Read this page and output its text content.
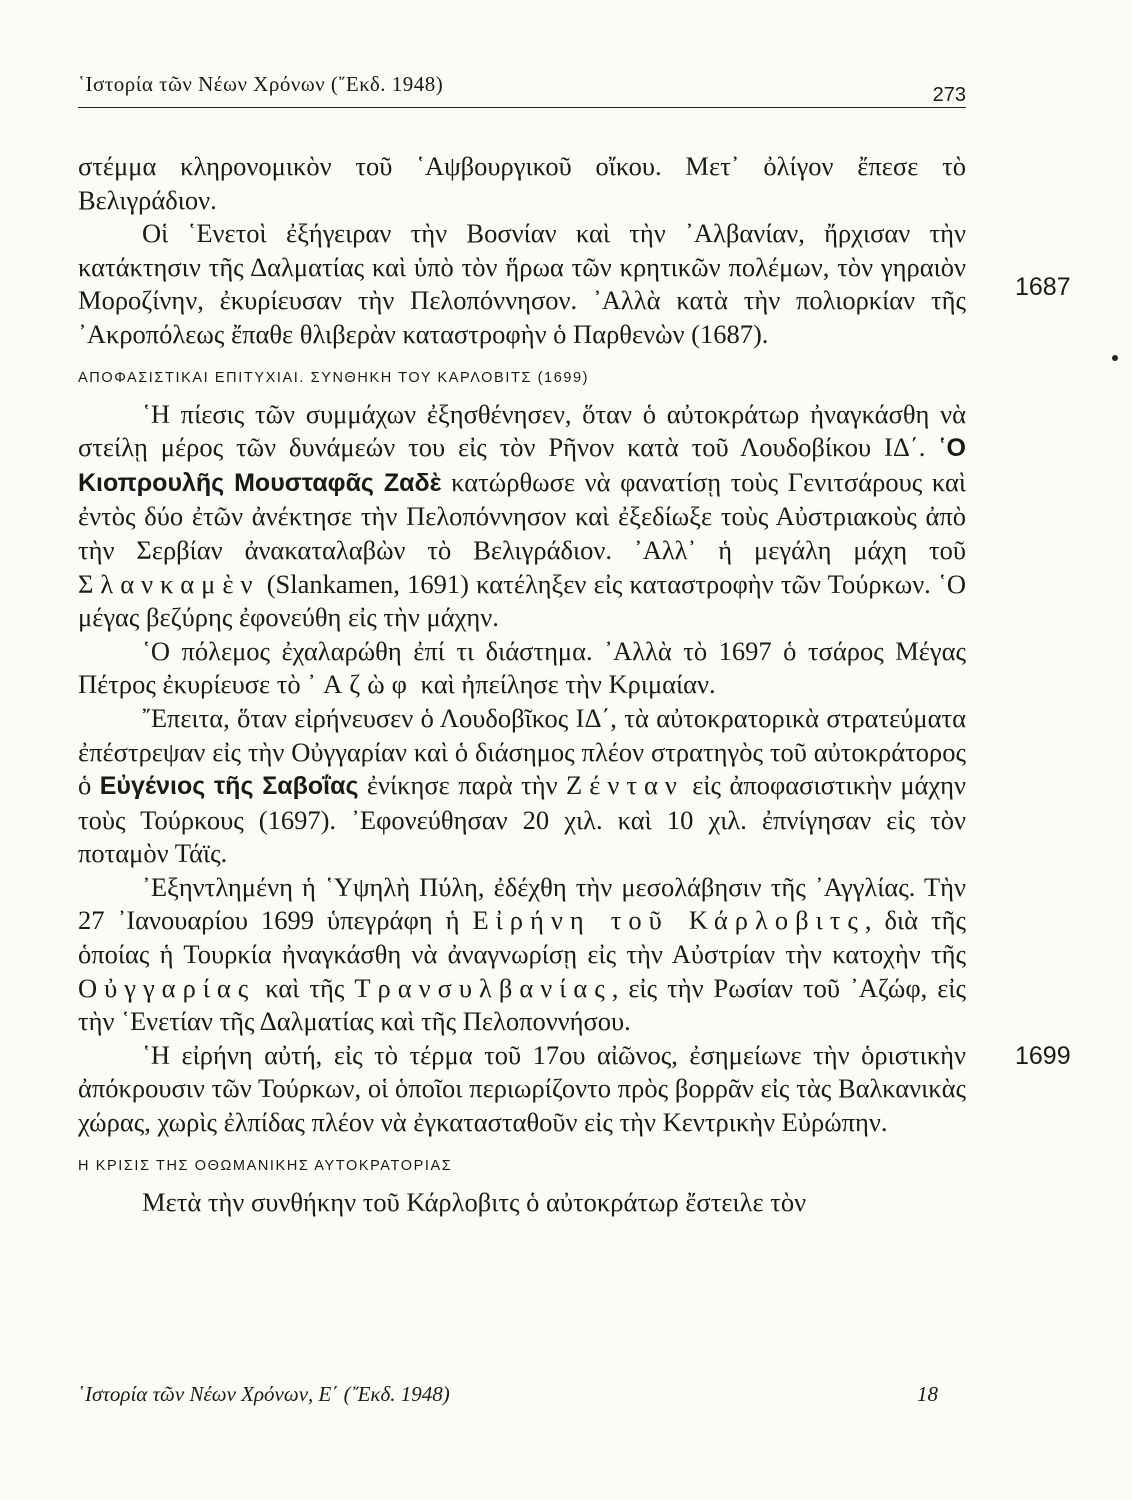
῾Ιστορία τῶν Νέων Χρόνων (῎Εκδ. 1948)	273
1687
1699

στέμμα κληρονομικὸν τοῦ ῾Αψβουργικοῦ οἴκου. Μετ᾽ ὀλίγον ἔπεσε τὸ Βελιγράδιον.

Οἱ ῾Ενετοὶ ἐξήγειραν τὴν Βοσνίαν καὶ τὴν ᾽Αλβανίαν, ἤρχισαν τὴν κατάκτησιν τῆς Δαλματίας καὶ ὑπὸ τὸν ἥρωα τῶν κρητικῶν πολέμων, τὸν γηραιὸν Μοροζίνην, ἐκυρίευσαν τὴν Πελοπόννησον. ᾽Αλλὰ κατὰ τὴν πολιορκίαν τῆς ᾽Ακροπόλεως ἔπαθε θλιβερὰν καταστροφὴν ὁ Παρθενὼν (1687).

ΑΠΟΦΑΣΙΣΤΙΚΑΙ ΕΠΙΤΥΧΙΑΙ. ΣΥΝΘΗΚΗ ΤΟΥ ΚΑΡΛΟΒΙΤΣ (1699)

῾Η πίεσις τῶν συμμάχων ἐξησθένησεν, ὅταν ὁ αὐτοκράτωρ ἠναγκάσθη νὰ στείλῃ μέρος τῶν δυνάμεών του εἰς τὸν Ρῆνον κατὰ τοῦ Λουδοβίκου ΙΔ΄. ῾Ο Κιοπρουλῆς Μουσταφᾶς Ζαδὲ κατώρθωσε νὰ φανατίσῃ τοὺς Γενιτσάρους καὶ ἐντὸς δύο ἐτῶν ἀνέκτησε τὴν Πελοπόννησον καὶ ἐξεδίωξε τοὺς Αὐστριακοὺς ἀπὸ τὴν Σερβίαν ἀνακαταλαβὼν τὸ Βελιγράδιον. ᾽Αλλ᾽ ἡ μεγάλη μάχη τοῦ Σλανκαμὲν (Slankamen, 1691) κατέληξεν εἰς καταστροφὴν τῶν Τούρκων. ῾Ο μέγας βεζύρης ἐφονεύθη εἰς τὴν μάχην.

῾Ο πόλεμος ἐχαλαρώθη ἐπί τι διάστημα. ᾽Αλλὰ τὸ 1697 ὁ τσάρος Μέγας Πέτρος ἐκυρίευσε τὸ ᾽Αζὼφ καὶ ἠπείλησε τὴν Κριμαίαν.

῎Επειτα, ὅταν εἰρήνευσεν ὁ Λουδοβῖκος ΙΔ΄, τὰ αὐτοκρατορικὰ στρατεύματα ἐπέστρεψαν εἰς τὴν Οὐγγαρίαν καὶ ὁ διάσημος πλέον στρατηγὸς τοῦ αὐτοκράτορος ὁ Εὐγένιος τῆς Σαβοΐας ἐνίκησε παρὰ τὴν Ζένταν εἰς ἀποφασιστικὴν μάχην τοὺς Τούρκους (1697). ᾽Εφονεύθησαν 20 χιλ. καὶ 10 χιλ. ἐπνίγησαν εἰς τὸν ποταμὸν Τάϊς.

᾽Εξηντλημένη ἡ ῾Υψηλὴ Πύλη, ἐδέχθη τὴν μεσολάβησιν τῆς ᾽Αγγλίας. Τὴν 27 ᾽Ιανουαρίου 1699 ὑπεγράφη ἡ Εἰρήνη τοῦ Κάρλοβιτς, διὰ τῆς ὁποίας ἡ Τουρκία ἠναγκάσθη νὰ ἀναγνωρίσῃ εἰς τὴν Αὐστρίαν τὴν κατοχὴν τῆς Οὐγγαρίας καὶ τῆς Τρανσυλβανίας, εἰς τὴν Ρωσίαν τοῦ ᾽Αζώφ, εἰς τὴν ῾Ενετίαν τῆς Δαλματίας καὶ τῆς Πελοποννήσου.

῾Η εἰρήνη αὐτή, εἰς τὸ τέρμα τοῦ 17ου αἰῶνος, ἐσημείωνε τὴν ὁριστικὴν ἀπόκρουσιν τῶν Τούρκων, οἱ ὁποῖοι περιωρίζοντο πρὸς βορρᾶν εἰς τὰς Βαλκανικὰς χώρας, χωρὶς ἐλπίδας πλέον νὰ ἐγκατασταθοῦν εἰς τὴν Κεντρικὴν Εὐρώπην.

Η ΚΡΙΣΙΣ ΤΗΣ ΟΘΩΜΑΝΙΚΗΣ ΑΥΤΟΚΡΑΤΟΡΙΑΣ

Μετὰ τὴν συνθήκην τοῦ Κάρλοβιτς ὁ αὐτοκράτωρ ἔστειλε τὸν

῾Ιστορία τῶν Νέων Χρόνων, Ε΄ (῎Εκδ. 1948)	18
